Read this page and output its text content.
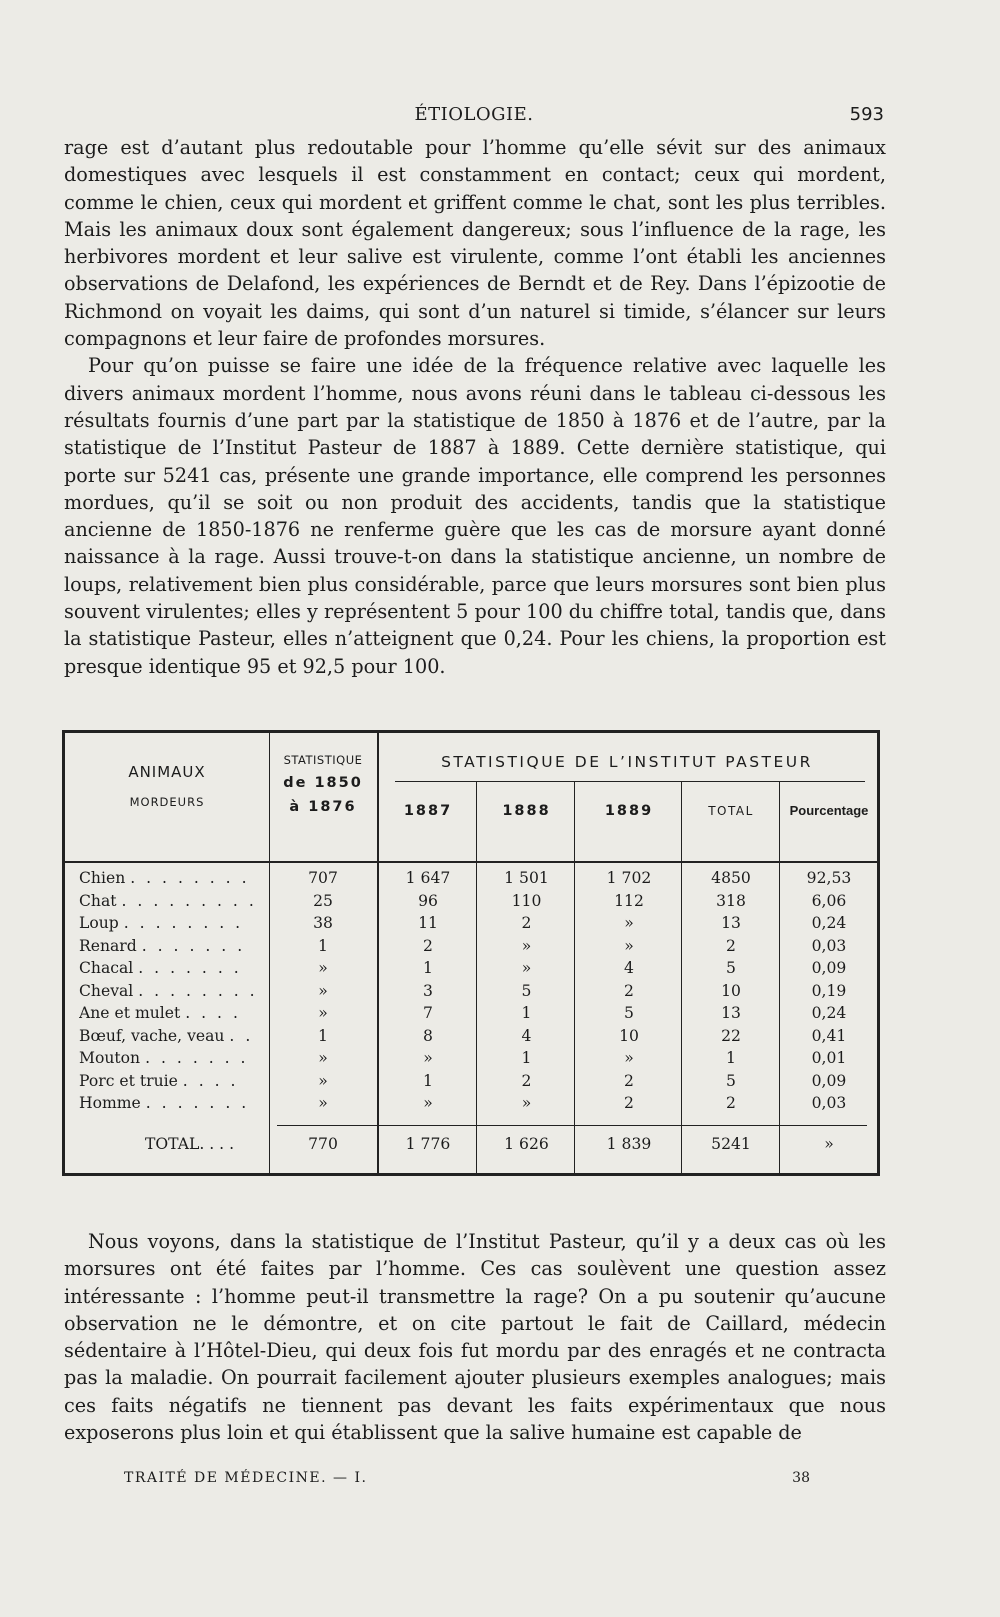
ÉTIOLOGIE.	593

rage est d’autant plus redoutable pour l’homme qu’elle sévit sur des animaux domestiques avec lesquels il est constamment en contact; ceux qui mordent, comme le chien, ceux qui mordent et griffent comme le chat, sont les plus terribles. Mais les animaux doux sont également dangereux; sous l’influence de la rage, les herbivores mordent et leur salive est virulente, comme l’ont établi les anciennes observations de Delafond, les expériences de Berndt et de Rey. Dans l’épizootie de Richmond on voyait les daims, qui sont d’un naturel si timide, s’élancer sur leurs compagnons et leur faire de profondes morsures.

Pour qu’on puisse se faire une idée de la fréquence relative avec laquelle les divers animaux mordent l’homme, nous avons réuni dans le tableau ci-dessous les résultats fournis d’une part par la statistique de 1850 à 1876 et de l’autre, par la statistique de l’Institut Pasteur de 1887 à 1889. Cette dernière statistique, qui porte sur 5241 cas, présente une grande importance, elle comprend les personnes mordues, qu’il se soit ou non produit des accidents, tandis que la statistique ancienne de 1850-1876 ne renferme guère que les cas de morsure ayant donné naissance à la rage. Aussi trouve-t-on dans la statistique ancienne, un nombre de loups, relativement bien plus considérable, parce que leurs morsures sont bien plus souvent virulentes; elles y représentent 5 pour 100 du chiffre total, tandis que, dans la statistique Pasteur, elles n’atteignent que 0,24. Pour les chiens, la proportion est presque identique 95 et 92,5 pour 100.

ANIMAUX
MORDEURS
STATISTIQUE
de 1850
à 1876
STATISTIQUE DE L’INSTITUT PASTEUR
1887	1888	1889	TOTAL	Pourcentage
Chien . . . . . . . .	707	1 647	1 501	1 702	4850	92,53
Chat . . . . . . . . .	25	96	110	112	318	6,06
Loup . . . . . . . .	38	11	2	»	13	0,24
Renard . . . . . . .	1	2	»	»	2	0,03
Chacal . . . . . . .	»	1	»	4	5	0,09
Cheval . . . . . . . .	»	3	5	2	10	0,19
Ane et mulet . . . .	»	7	1	5	13	0,24
Bœuf, vache, veau . .	1	8	4	10	22	0,41
Mouton . . . . . . .	»	»	1	»	1	0,01
Porc et truie . . . .	»	1	2	2	5	0,09
Homme . . . . . . .	»	»	»	2	2	0,03
TOTAL. . . .	770	1 776	1 626	1 839	5241	»

Nous voyons, dans la statistique de l’Institut Pasteur, qu’il y a deux cas où les morsures ont été faites par l’homme. Ces cas soulèvent une question assez intéressante : l’homme peut-il transmettre la rage? On a pu soutenir qu’aucune observation ne le démontre, et on cite partout le fait de Caillard, médecin sédentaire à l’Hôtel-Dieu, qui deux fois fut mordu par des enragés et ne contracta pas la maladie. On pourrait facilement ajouter plusieurs exemples analogues; mais ces faits négatifs ne tiennent pas devant les faits expérimentaux que nous exposerons plus loin et qui établissent que la salive humaine est capable de

TRAITÉ DE MÉDECINE. — I.	38
